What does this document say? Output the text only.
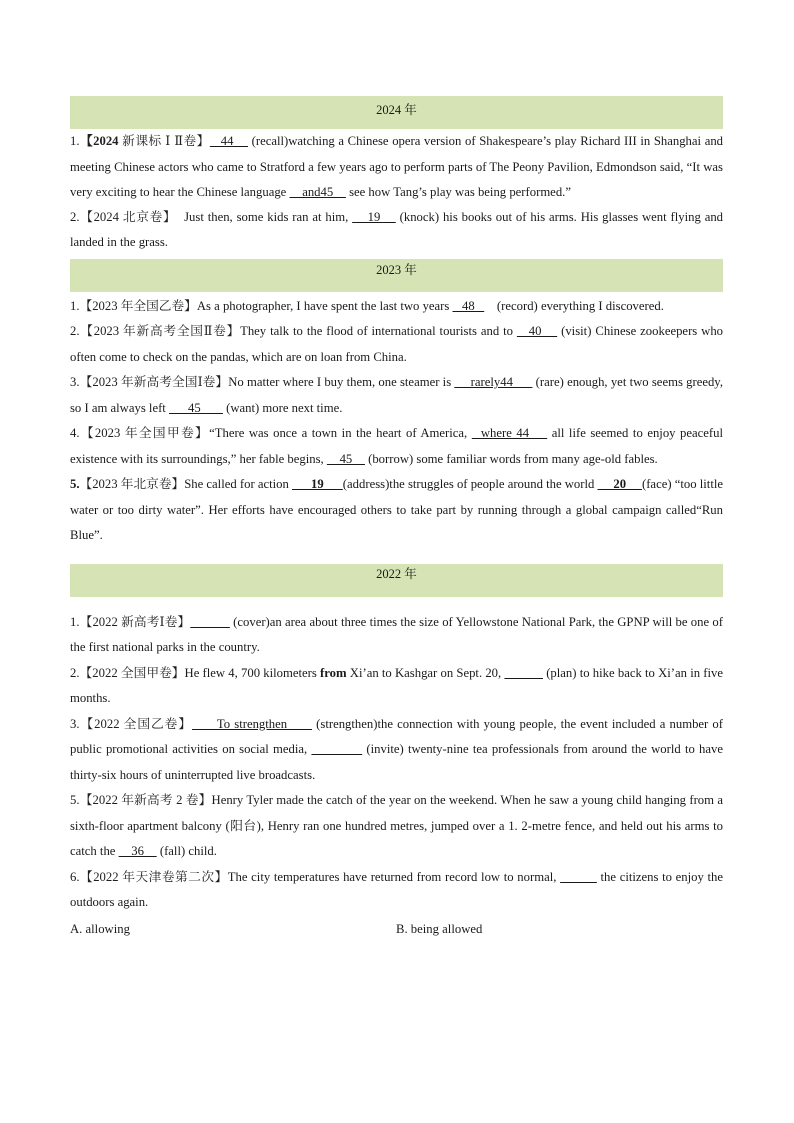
2024 年

1.【2024 新课标 Ⅰ Ⅱ卷】   44     (recall)watching a Chinese opera version of Shakespeare’s play Richard III in Shanghai and meeting Chinese actors who came to Stratford a few years ago to perform parts of The Peony Pavilion, Edmondson said, “It was very exciting to hear the Chinese language     and45     see how Tang’s play was being performed.”

2.【2024 北京卷】  Just then, some kids ran at him,     19     (knock) his books out of his arms. His glasses went flying and landed in the grass.

2023 年

1.【2023 年全国乙卷】As a photographer, I have spent the last two years    48       (record) everything I discovered.

2.【2023 年新高考全国Ⅱ卷】They talk to the flood of international tourists and to    40     (visit) Chinese zookeepers who often come to check on the pandas, which are on loan from China.

3.【2023 年新高考全国Ⅰ卷】No matter where I buy them, one steamer is      rarely44       (rare) enough, yet two seems greedy, so I am always left       45        (want) more next time.

4.【2023 年全国甲卷】“There was once a town in the heart of America,   where 44     all life seemed to enjoy peaceful existence with its surroundings,” her fable begins,     45     (borrow) some familiar words from many age-old fables.

5.【2023 年北京卷】She called for action       19      (address)the struggles of people around the world      20     (face) “too little water or too dirty water”. Her efforts have encouraged others to take part by running through a global campaign called“Run Blue”.

2022 年

1.【2022 新高考Ⅰ卷】	(cover)an area about three times the size of Yellowstone National Park, the GPNP will be one of the first national parks in the country.

2.【2022 全国甲卷】He flew 4, 700 kilometers from Xi’an to Kashgar on Sept. 20,	(plan) to hike back to Xi’an in five months.

3.【2022 全国乙卷】      To strengthen       (strengthen)the connection with young people, the event included a number of public promotional activities on social media,	(invite) twenty-nine tea professionals from around the world to have thirty-six hours of uninterrupted live broadcasts.

5.【2022 年新高考 2 卷】Henry Tyler made the catch of the year on the weekend. When he saw a young child hanging from a sixth-floor apartment balcony (阳台), Henry ran one hundred metres, jumped over a 1. 2-metre fence, and held out his arms to catch the     36     (fall) child.

6.【2022 年天津卷第二次】The city temperatures have returned from record low to normal,	the citizens to enjoy the outdoors again.

A. allowing	B. being allowed
